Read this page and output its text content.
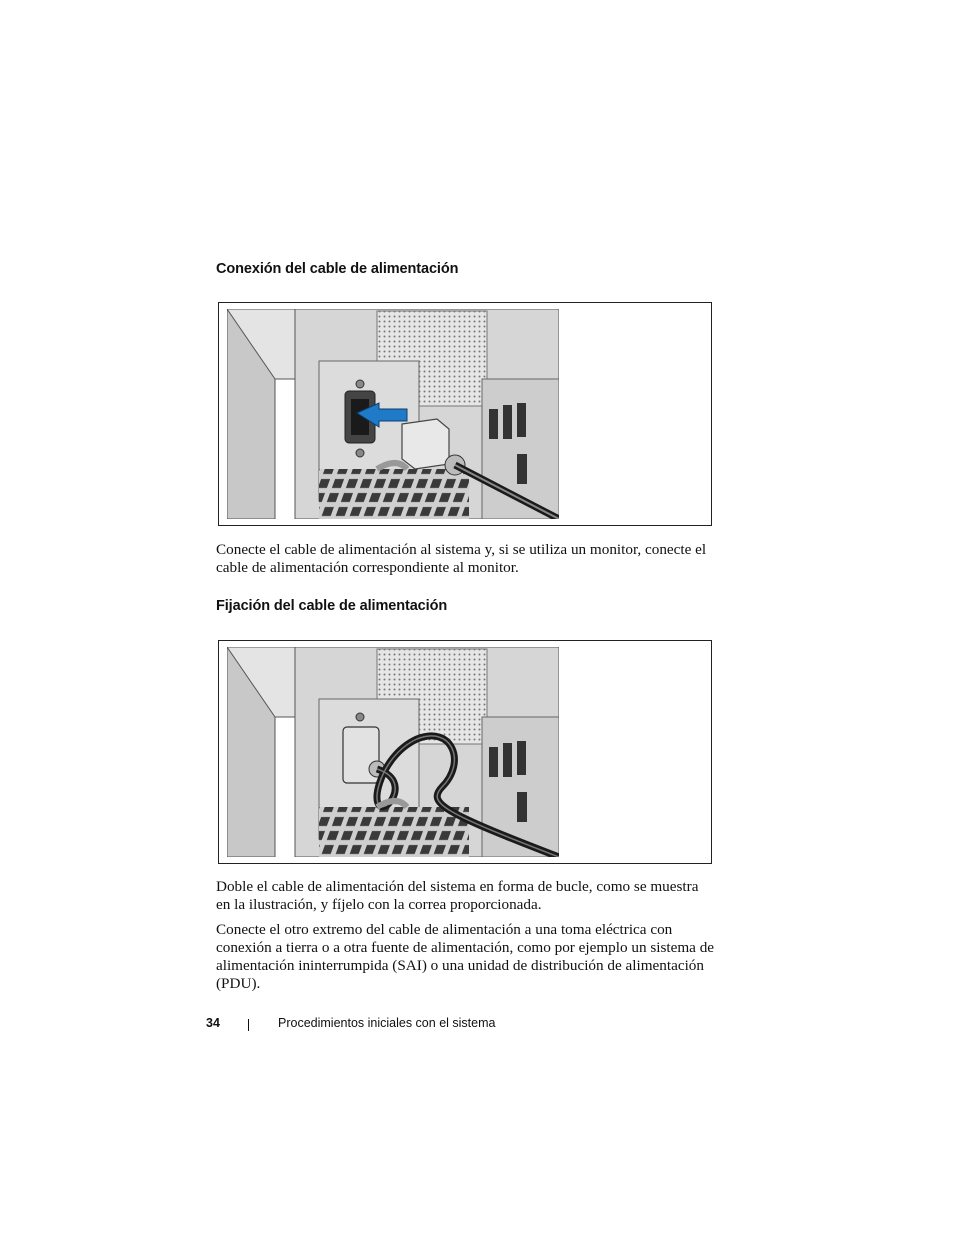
Conexión del cable de alimentación

Conecte el cable de alimentación al sistema y, si se utiliza un monitor, conecte el cable de alimentación correspondiente al monitor.

Fijación del cable de alimentación

Doble el cable de alimentación del sistema en forma de bucle, como se muestra en la ilustración, y fíjelo con la correa proporcionada.

Conecte el otro extremo del cable de alimentación a una toma eléctrica con conexión a tierra o a otra fuente de alimentación, como por ejemplo un sistema de alimentación ininterrumpida (SAI) o una unidad de distribución de alimentación (PDU).

34	Procedimientos iniciales con el sistema
